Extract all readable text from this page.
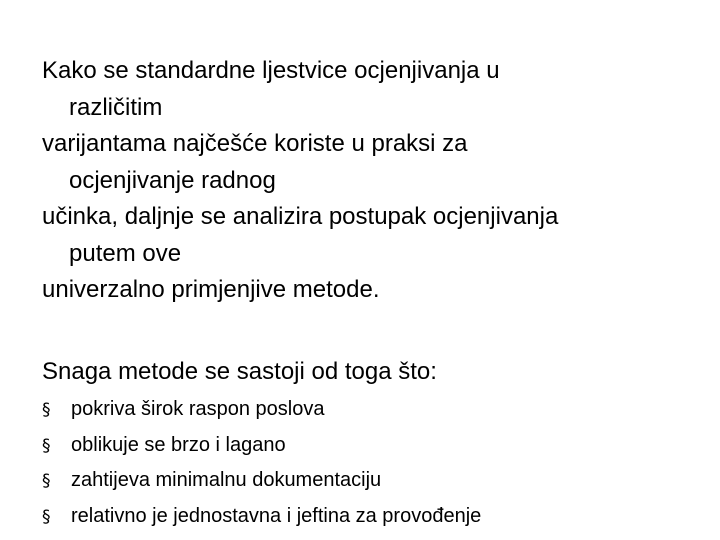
Kako se standardne ljestvice ocjenjivanja u
različitim
varijantama najčešće koriste u praksi za
ocjenjivanje radnog
učinka, daljnje se analizira postupak ocjenjivanja
putem ove
univerzalno primjenjive metode.

Snaga metode se sastoji od toga što:

§	pokriva širok raspon poslova
§	oblikuje se brzo i lagano
§	zahtijeva minimalnu dokumentaciju
§	relativno je jednostavna i jeftina za provođenje
